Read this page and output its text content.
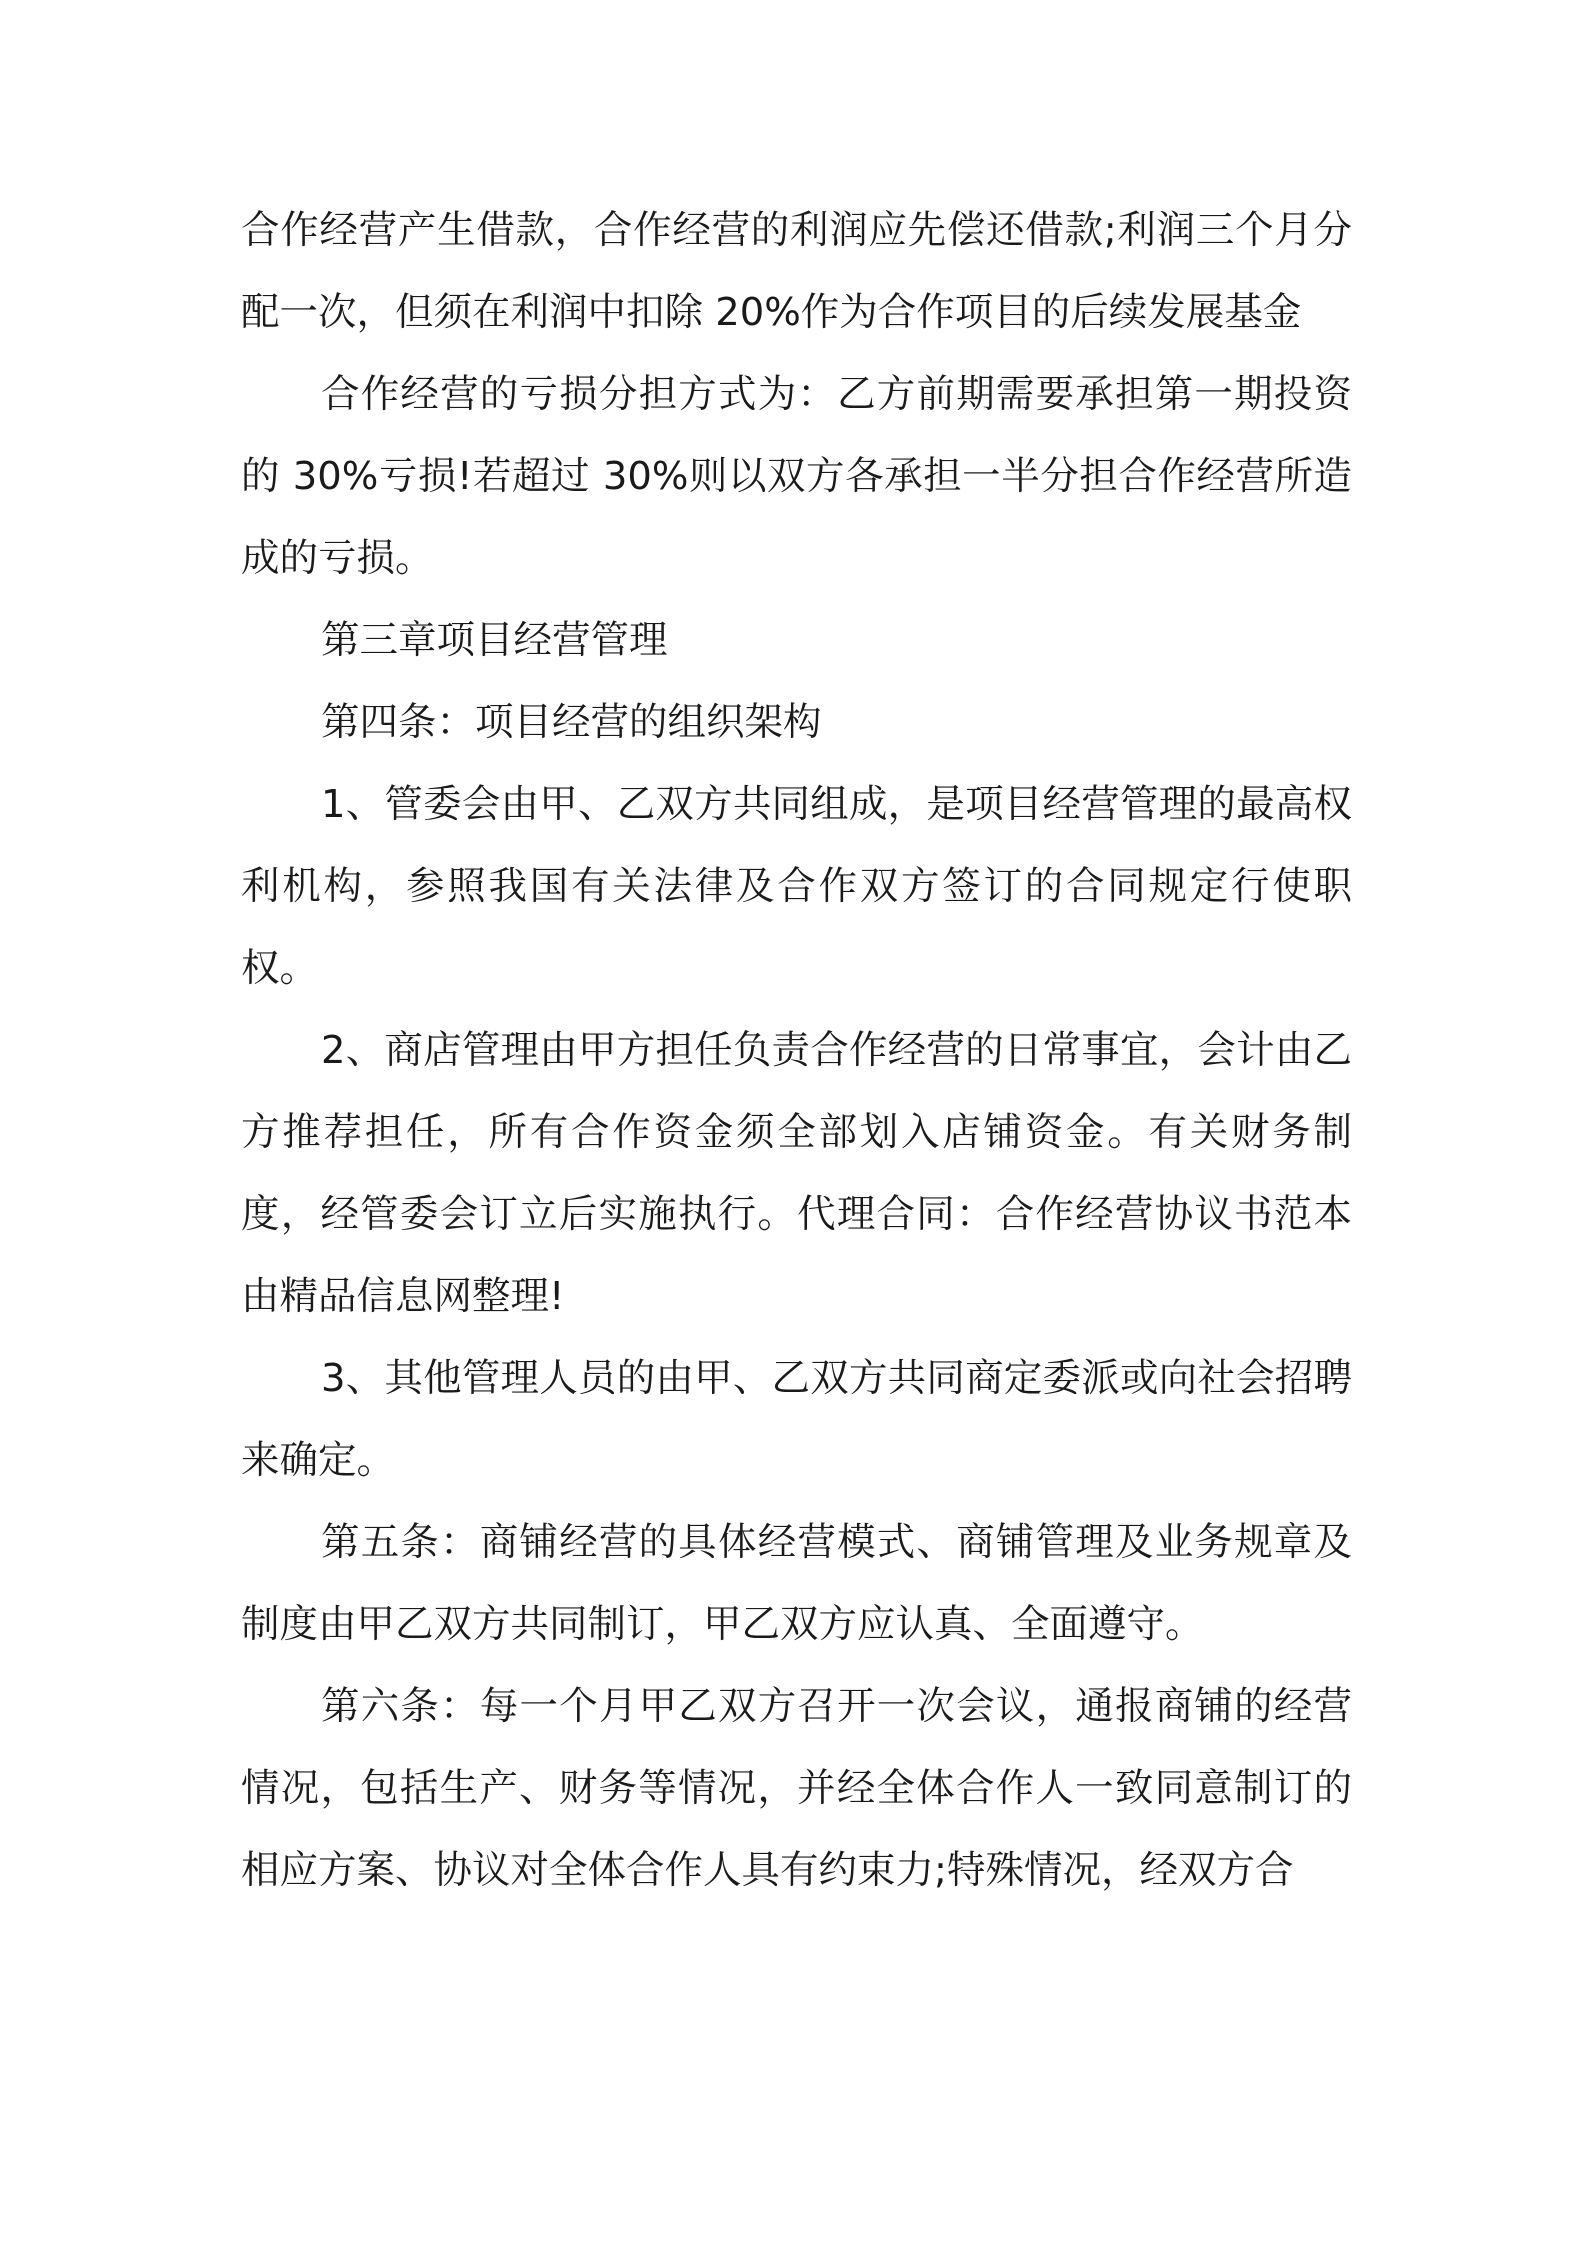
合作经营产生借款，合作经营的利润应先偿还借款;利润三个月分配一次，但须在利润中扣除 20%作为合作项目的后续发展基金

合作经营的亏损分担方式为：乙方前期需要承担第一期投资的 30%亏损!若超过 30%则以双方各承担一半分担合作经营所造成的亏损。

第三章项目经营管理

第四条：项目经营的组织架构

1、管委会由甲、乙双方共同组成，是项目经营管理的最高权利机构，参照我国有关法律及合作双方签订的合同规定行使职权。

2、商店管理由甲方担任负责合作经营的日常事宜，会计由乙方推荐担任，所有合作资金须全部划入店铺资金。有关财务制度，经管委会订立后实施执行。代理合同：合作经营协议书范本由精品信息网整理!

3、其他管理人员的由甲、乙双方共同商定委派或向社会招聘来确定。

第五条：商铺经营的具体经营模式、商铺管理及业务规章及制度由甲乙双方共同制订，甲乙双方应认真、全面遵守。

第六条：每一个月甲乙双方召开一次会议，通报商铺的经营情况，包括生产、财务等情况，并经全体合作人一致同意制订的相应方案、协议对全体合作人具有约束力;特殊情况，经双方合
